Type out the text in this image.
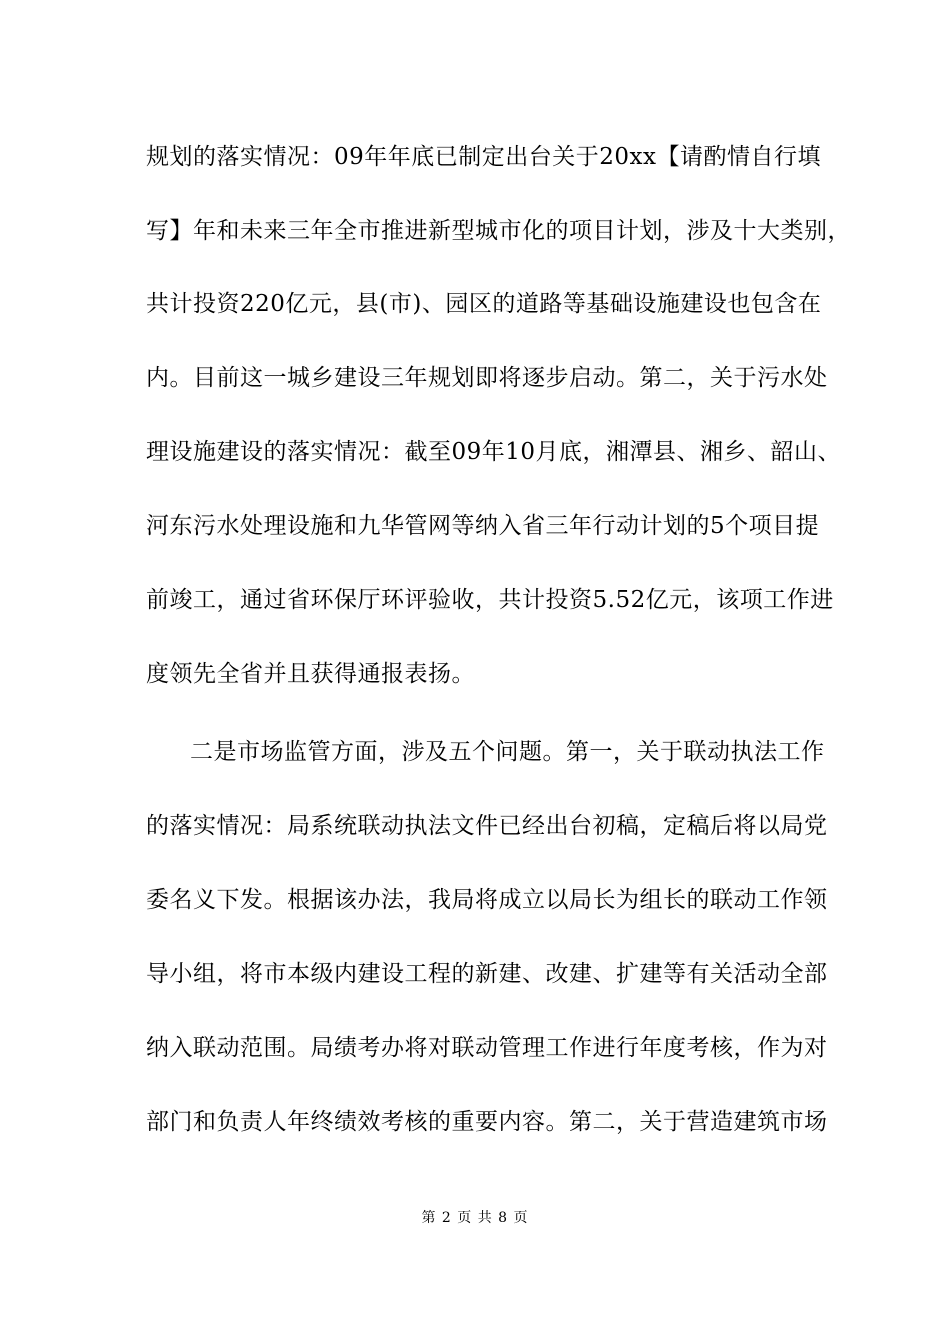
规划的落实情况：09年年底已制定出台关于20xx【请酌情自行填
写】年和未来三年全市推进新型城市化的项目计划，涉及十大类别，
共计投资220亿元，县(市)、园区的道路等基础设施建设也包含在
内。目前这一城乡建设三年规划即将逐步启动。第二，关于污水处
理设施建设的落实情况：截至09年10月底，湘潭县、湘乡、韶山、
河东污水处理设施和九华管网等纳入省三年行动计划的5个项目提
前竣工，通过省环保厅环评验收，共计投资5.52亿元，该项工作进
度领先全省并且获得通报表扬。
二是市场监管方面，涉及五个问题。第一，关于联动执法工作
的落实情况：局系统联动执法文件已经出台初稿，定稿后将以局党
委名义下发。根据该办法，我局将成立以局长为组长的联动工作领
导小组，将市本级内建设工程的新建、改建、扩建等有关活动全部
纳入联动范围。局绩考办将对联动管理工作进行年度考核，作为对
部门和负责人年终绩效考核的重要内容。第二，关于营造建筑市场
第 2 页 共 8 页
